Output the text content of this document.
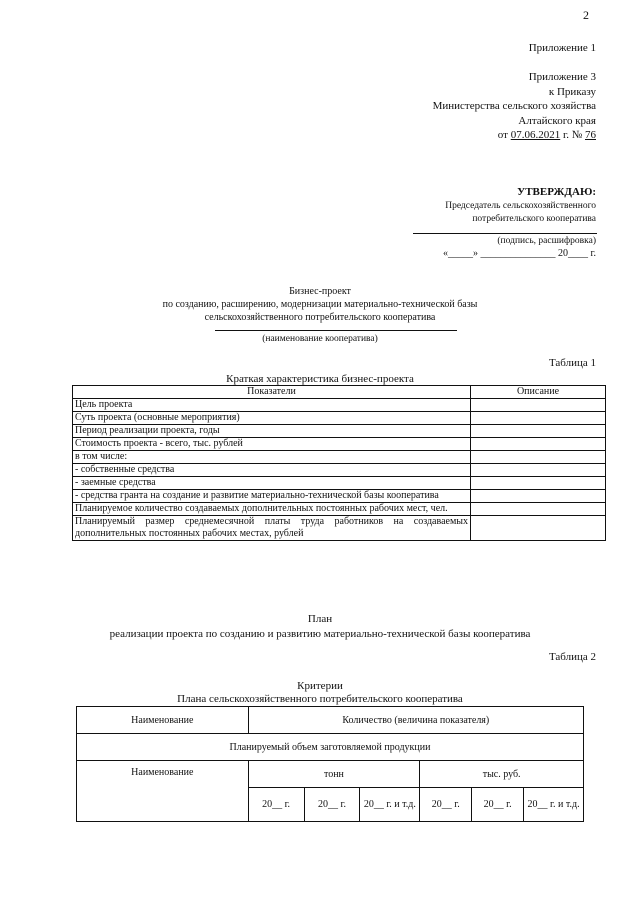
2
Приложение 1
Приложение 3
к Приказу
Министерства сельского хозяйства
Алтайского края
от 07.06.2021 г. № 76
УТВЕРЖДАЮ:
Председатель сельскохозяйственного
потребительского кооператива
(подпись, расшифровка)
«_____» _______________ 20____ г.
Бизнес-проект
по созданию, расширению, модернизации материально-технической базы
сельскохозяйственного потребительского кооператива
(наименование кооператива)
Таблица 1
Краткая характеристика бизнес-проекта
Показатели	Описание
Цель проекта	
Суть проекта (основные мероприятия)	
Период реализации проекта, годы	
Стоимость проекта - всего, тыс. рублей	
в том числе:	
- собственные средства	
- заемные средства	
- средства гранта на создание и развитие материально-технической базы кооператива	
Планируемое количество создаваемых дополнительных постоянных рабочих мест, чел.	
Планируемый размер среднемесячной платы труда работников на создаваемых дополнительных постоянных рабочих местах, рублей	
План
реализации проекта по созданию и развитию материально-технической базы кооператива
Таблица 2
Критерии
Плана сельскохозяйственного потребительского кооператива
Наименование	Количество (величина показателя)					
Планируемый объем заготовляемой продукции						
Наименование	тонн			тыс. руб.		
	20__ г.	20__ г.	20__ г. и т.д.	20__ г.	20__ г.	20__ г. и т.д.
